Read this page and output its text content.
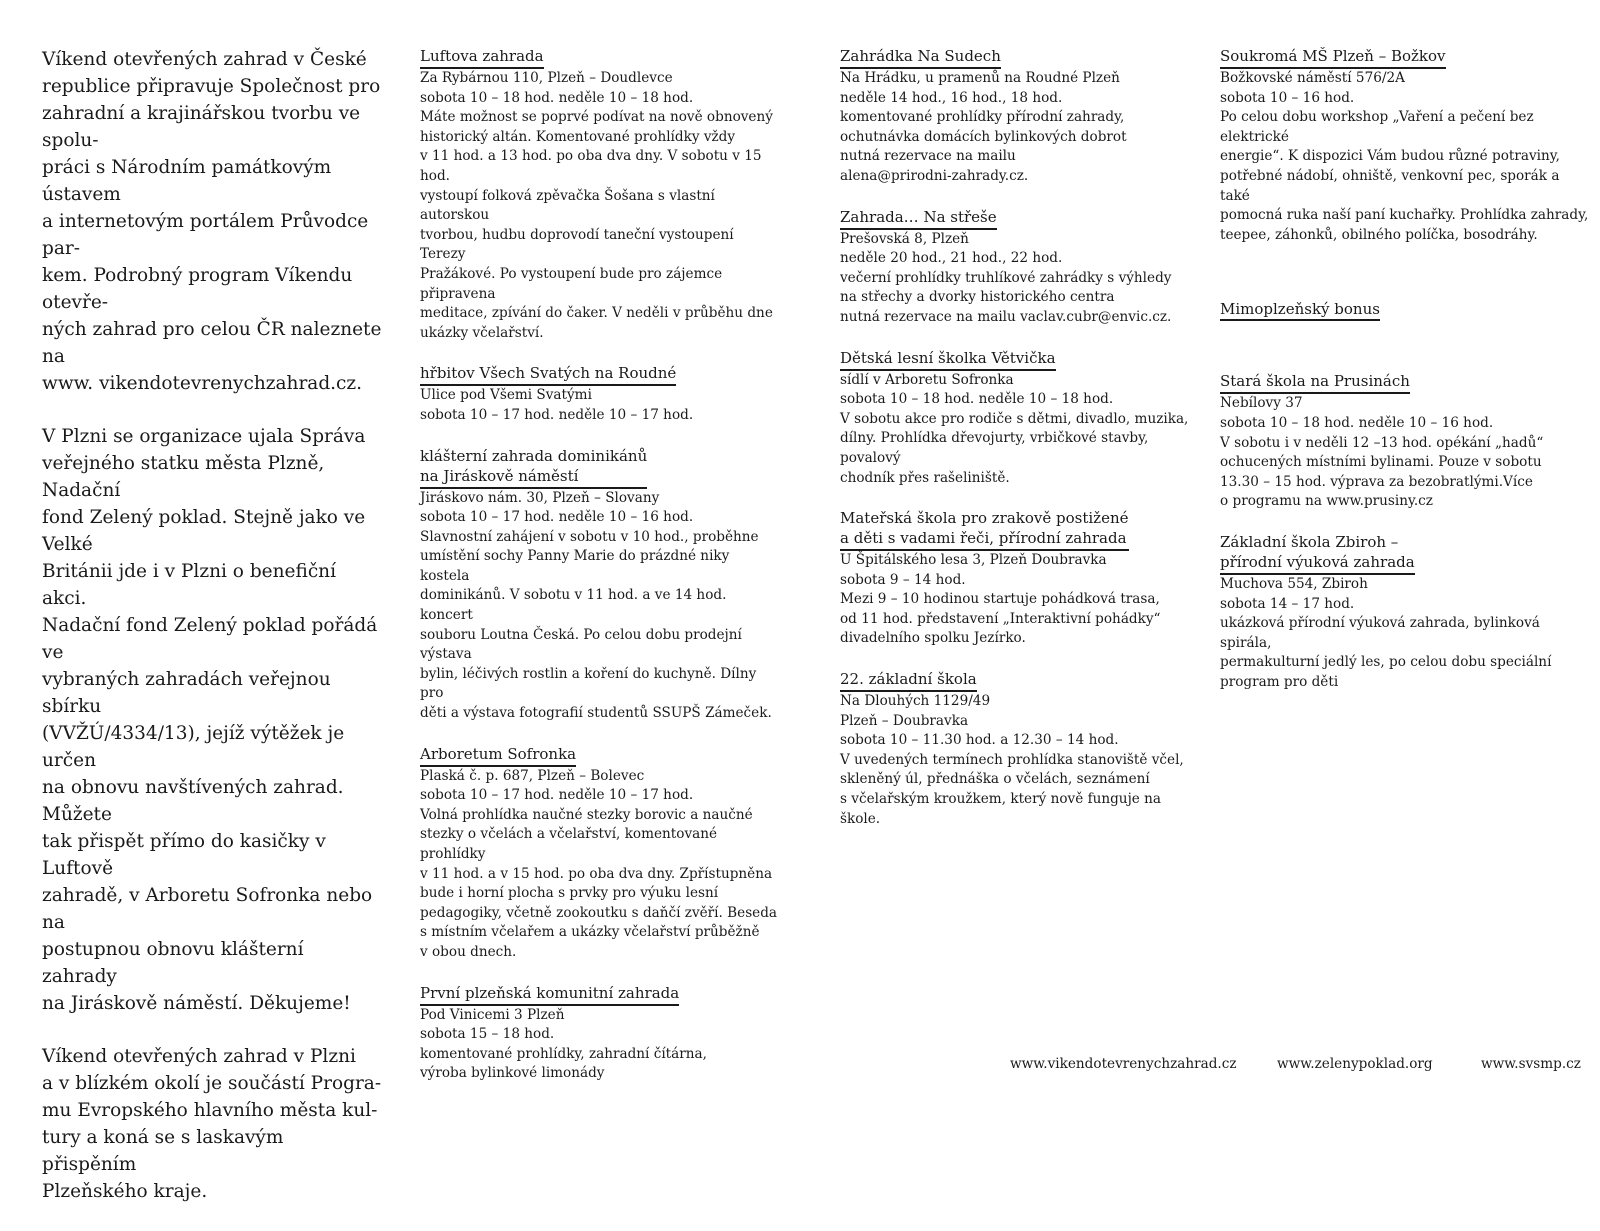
Víkend otevřených zahrad v České
republice připravuje Společnost pro
zahradní a krajinářskou tvorbu ve spolu-
práci s Národním památkovým ústavem
a internetovým portálem Průvodce par-
kem. Podrobný program Víkendu otevře-
ných zahrad pro celou ČR naleznete na
www. vikendotevrenychzahrad.cz.

V Plzni se organizace ujala Správa
veřejného statku města Plzně, Nadační
fond Zelený poklad. Stejně jako ve Velké
Británii jde i v Plzni o benefiční akci.
Nadační fond Zelený poklad pořádá ve
vybraných zahradách veřejnou sbírku
(VVŽÚ/4334/13), jejíž výtěžek je určen
na obnovu navštívených zahrad. Můžete
tak přispět přímo do kasičky v Luftově
zahradě, v Arboretu Sofronka nebo na
postupnou obnovu klášterní zahrady
na Jiráskově náměstí. Děkujeme!

Víkend otevřených zahrad v Plzni
a v blízkém okolí je součástí Progra-
mu Evropského hlavního města kul-
tury a koná se s laskavým přispěním
Plzeňského kraje.

Luftova zahrada
Za Rybárnou 110, Plzeň – Doudlevce
sobota 10 – 18 hod. neděle 10 – 18 hod.
Máte možnost se poprvé podívat na nově obnovený
historický altán. Komentované prohlídky vždy
v 11 hod. a 13 hod. po oba dva dny. V sobotu v 15 hod.
vystoupí folková zpěvačka Šošana s vlastní autorskou
tvorbou, hudbu doprovodí taneční vystoupení Terezy
Pražákové. Po vystoupení bude pro zájemce připravena
meditace, zpívání do čaker. V neděli v průběhu dne
ukázky včelařství.
hřbitov Všech Svatých na Roudné
Ulice pod Všemi Svatými
sobota 10 – 17 hod. neděle 10 – 17 hod.
klášterní zahrada dominikánů
na Jiráskově náměstí
Jiráskovo nám. 30, Plzeň – Slovany
sobota 10 – 17 hod. neděle 10 – 16 hod.
Slavnostní zahájení v sobotu v 10 hod., proběhne
umístění sochy Panny Marie do prázdné niky kostela
dominikánů. V sobotu v 11 hod. a ve 14 hod. koncert
souboru Loutna Česká. Po celou dobu prodejní výstava
bylin, léčivých rostlin a koření do kuchyně. Dílny pro
děti a výstava fotografií studentů SSUPŠ Zámeček.
Arboretum Sofronka
Plaská č. p. 687, Plzeň – Bolevec
sobota 10 – 17 hod. neděle 10 – 17 hod.
Volná prohlídka naučné stezky borovic a naučné
stezky o včelách a včelařství, komentované prohlídky
v 11 hod. a v 15 hod. po oba dva dny. Zpřístupněna
bude i horní plocha s prvky pro výuku lesní
pedagogiky, včetně zookoutku s daňčí zvěří. Beseda
s místním včelařem a ukázky včelařství průběžně
v obou dnech.
První plzeňská komunitní zahrada
Pod Vinicemi 3 Plzeň
sobota 15 – 18 hod.
komentované prohlídky, zahradní čítárna,
výroba bylinkové limonády
Zahrádka Na Sudech
Na Hrádku, u pramenů na Roudné Plzeň
neděle 14 hod., 16 hod., 18 hod.
komentované prohlídky přírodní zahrady,
ochutnávka domácích bylinkových dobrot
nutná rezervace na mailu
alena@prirodni-zahrady.cz.
Zahrada… Na střeše
Prešovská 8, Plzeň
neděle 20 hod., 21 hod., 22 hod.
večerní prohlídky truhlíkové zahrádky s výhledy
na střechy a dvorky historického centra
nutná rezervace na mailu vaclav.cubr@envic.cz.
Dětská lesní školka Větvička
sídlí v Arboretu Sofronka
sobota 10 – 18 hod. neděle 10 – 18 hod.
V sobotu akce pro rodiče s dětmi, divadlo, muzika,
dílny. Prohlídka dřevojurty, vrbičkové stavby, povalový
chodník přes rašeliniště.
Mateřská škola pro zrakově postižené
a děti s vadami řeči, přírodní zahrada
U Špitálského lesa 3, Plzeň Doubravka
sobota 9 – 14 hod.
Mezi 9 – 10 hodinou startuje pohádková trasa,
od 11 hod. představení „Interaktivní pohádky“
divadelního spolku Jezírko.
22. základní škola
Na Dlouhých 1129/49
Plzeň – Doubravka
sobota 10 – 11.30 hod. a 12.30 – 14 hod.
V uvedených termínech prohlídka stanoviště včel,
skleněný úl, přednáška o včelách, seznámení
s včelařským kroužkem, který nově funguje na škole.
Soukromá MŠ Plzeň – Božkov
Božkovské náměstí 576/2A
sobota 10 – 16 hod.
Po celou dobu workshop „Vaření a pečení bez elektrické
energie“. K dispozici Vám budou různé potraviny,
potřebné nádobí, ohniště, venkovní pec, sporák a také
pomocná ruka naší paní kuchařky. Prohlídka zahrady,
teepee, záhonků, obilného políčka, bosodráhy.
Mimoplzeňský bonus
Stará škola na Prusinách
Nebílovy 37
sobota 10 – 18 hod. neděle 10 – 16 hod.
V sobotu i v neděli 12 –13 hod. opékání „hadů“
ochucených místními bylinami. Pouze v sobotu
13.30 – 15 hod. výprava za bezobratlými.Více
o programu na www.prusiny.cz
Základní škola Zbiroh –
přírodní výuková zahrada
Muchova 554, Zbiroh
sobota 14 – 17 hod.
ukázková přírodní výuková zahrada, bylinková spirála,
permakulturní jedlý les, po celou dobu speciální
program pro děti
www.vikendotevrenychzahrad.cz	www.zelenypoklad.org	www.svsmp.cz
